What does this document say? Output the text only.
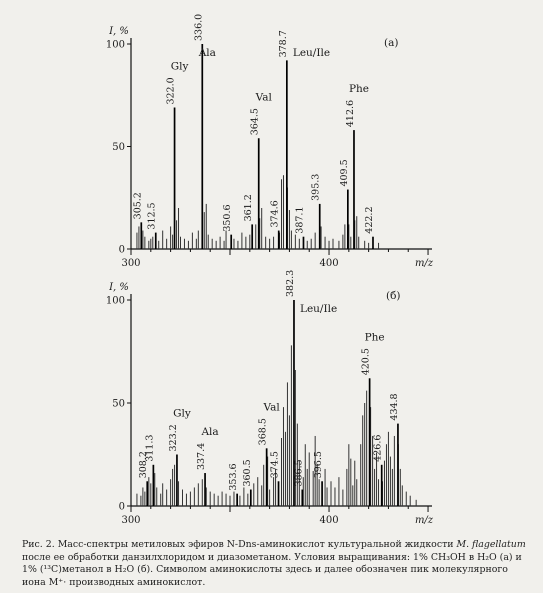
0
50
100
I, %
300	400	m/z
305.2 312.5
322.0
336.0
350.6 361.2
364.5
374.6
378.7
387.1
395.3
409.5
412.6
422.2
Gly
Ala
Val
Leu/Ile
Phe
(a)
0
50
100
I, %
300	400	m/z
308.2
311.3 323.2
337.4
353.6 360.5
368.5
374.5
382.3
386.5 396.5
420.5
426.6
434.8
Gly
Ala
Val
Leu/Ile
Phe
(б)
Рис. 2. Масс-спектры метиловых эфиров N-Dns-аминокислот культуральной жидкости M. flagellatum после ее обработки данзилхлоридом и диазометаном. Условия выращивания: 1% CH₃OH в H₂O (а) и 1% (¹³C)метанол в H₂O (б). Символом аминокислоты здесь и далее обозначен пик молекулярного иона M⁺· производных аминокислот.
